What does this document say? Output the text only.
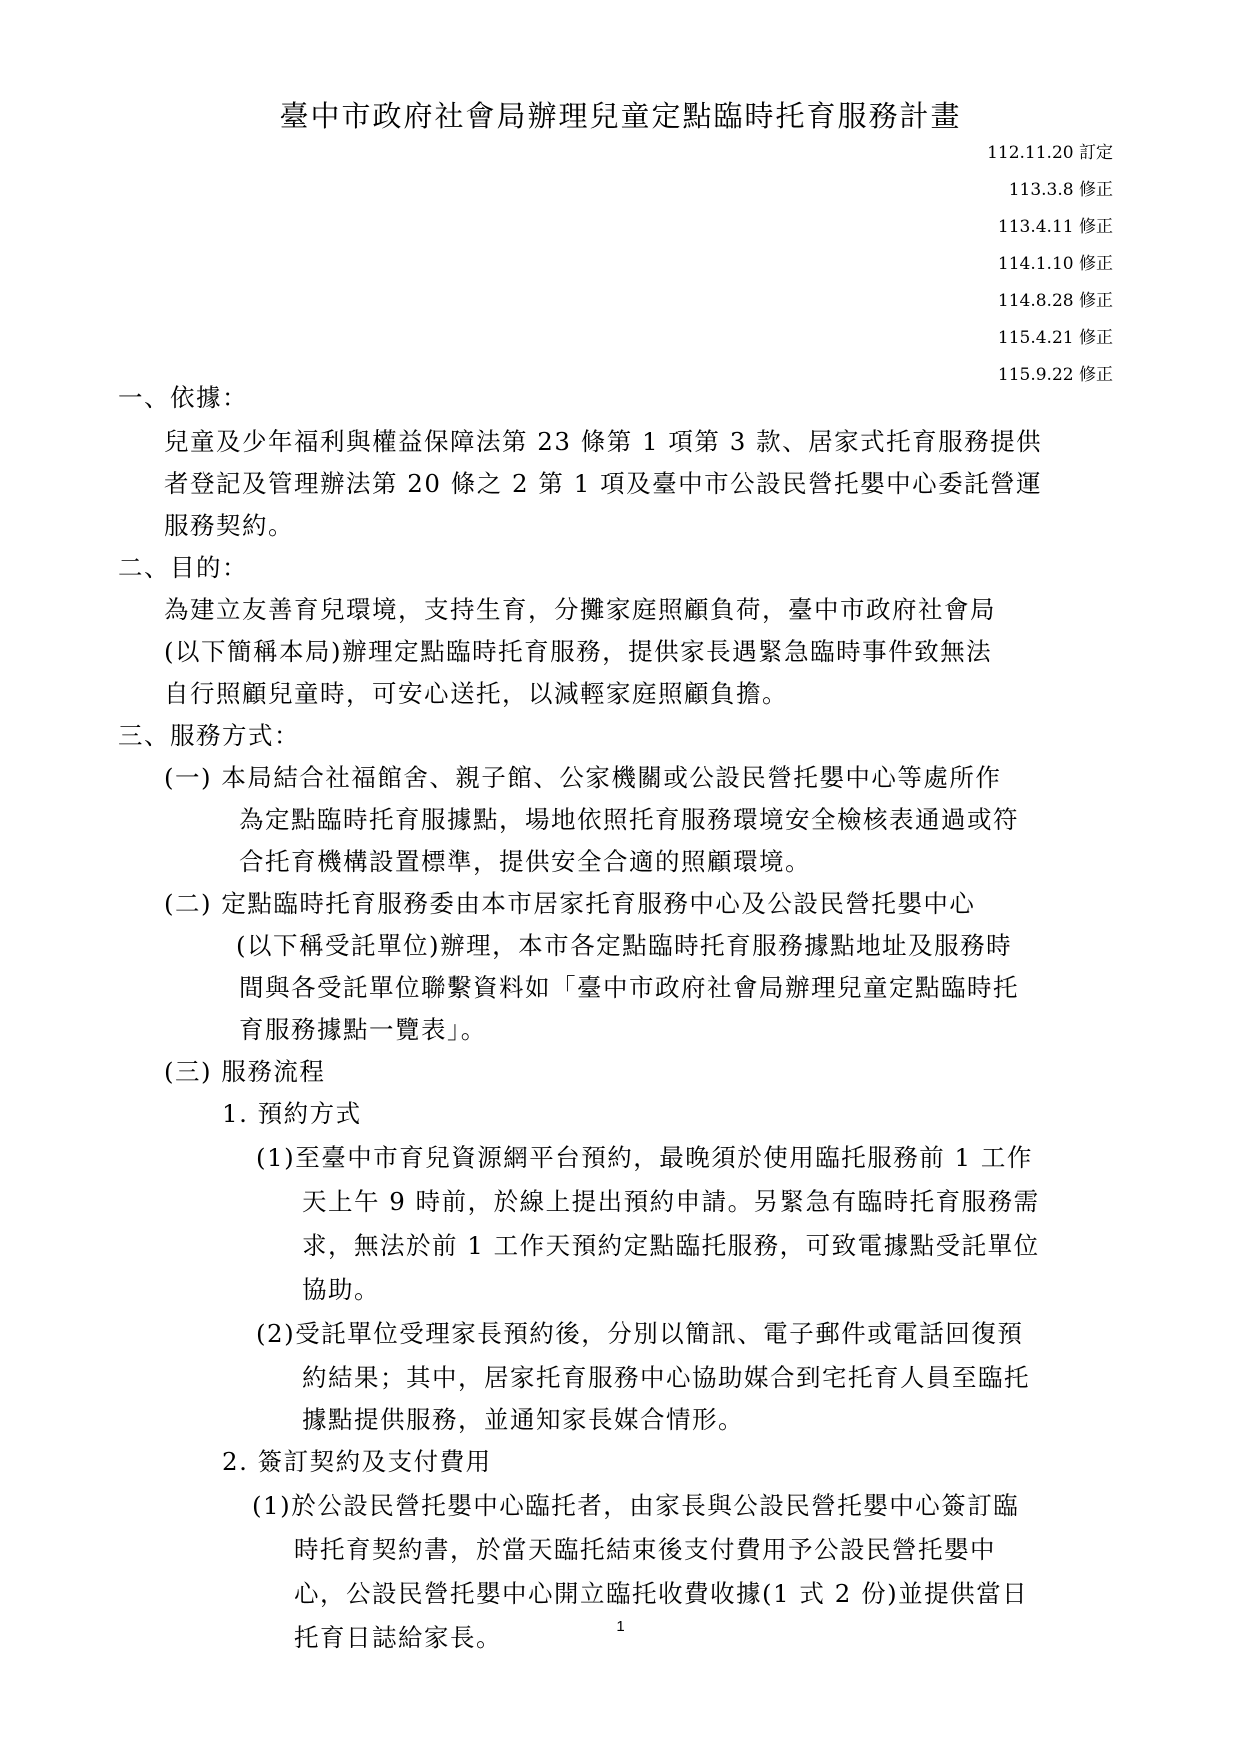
臺中市政府社會局辦理兒童定點臨時托育服務計畫
112.11.20 訂定
113.3.8 修正
113.4.11 修正
114.1.10 修正
114.8.28 修正
115.4.21 修正
115.9.22 修正
一、依據：
兒童及少年福利與權益保障法第 23 條第 1 項第 3 款、居家式托育服務提供
者登記及管理辦法第 20 條之 2 第 1 項及臺中市公設民營托嬰中心委託營運
服務契約。
二、目的：
為建立友善育兒環境，支持生育，分攤家庭照顧負荷，臺中市政府社會局
(以下簡稱本局)辦理定點臨時托育服務，提供家長遇緊急臨時事件致無法
自行照顧兒童時，可安心送托，以減輕家庭照顧負擔。
三、服務方式：
(一) 本局結合社福館舍、親子館、公家機關或公設民營托嬰中心等處所作
為定點臨時托育服據點，場地依照托育服務環境安全檢核表通過或符
合托育機構設置標準，提供安全合適的照顧環境。
(二) 定點臨時托育服務委由本市居家托育服務中心及公設民營托嬰中心
(以下稱受託單位)辦理，本市各定點臨時托育服務據點地址及服務時
間與各受託單位聯繫資料如「臺中市政府社會局辦理兒童定點臨時托
育服務據點一覽表」。
(三) 服務流程
1. 預約方式
(1)至臺中市育兒資源網平台預約，最晚須於使用臨托服務前 1 工作
天上午 9 時前，於線上提出預約申請。另緊急有臨時托育服務需
求，無法於前 1 工作天預約定點臨托服務，可致電據點受託單位
協助。
(2)受託單位受理家長預約後，分別以簡訊、電子郵件或電話回復預
約結果；其中，居家托育服務中心協助媒合到宅托育人員至臨托
據點提供服務，並通知家長媒合情形。
2. 簽訂契約及支付費用
(1)於公設民營托嬰中心臨托者，由家長與公設民營托嬰中心簽訂臨
時托育契約書，於當天臨托結束後支付費用予公設民營托嬰中
心，公設民營托嬰中心開立臨托收費收據(1 式 2 份)並提供當日
托育日誌給家長。	1
